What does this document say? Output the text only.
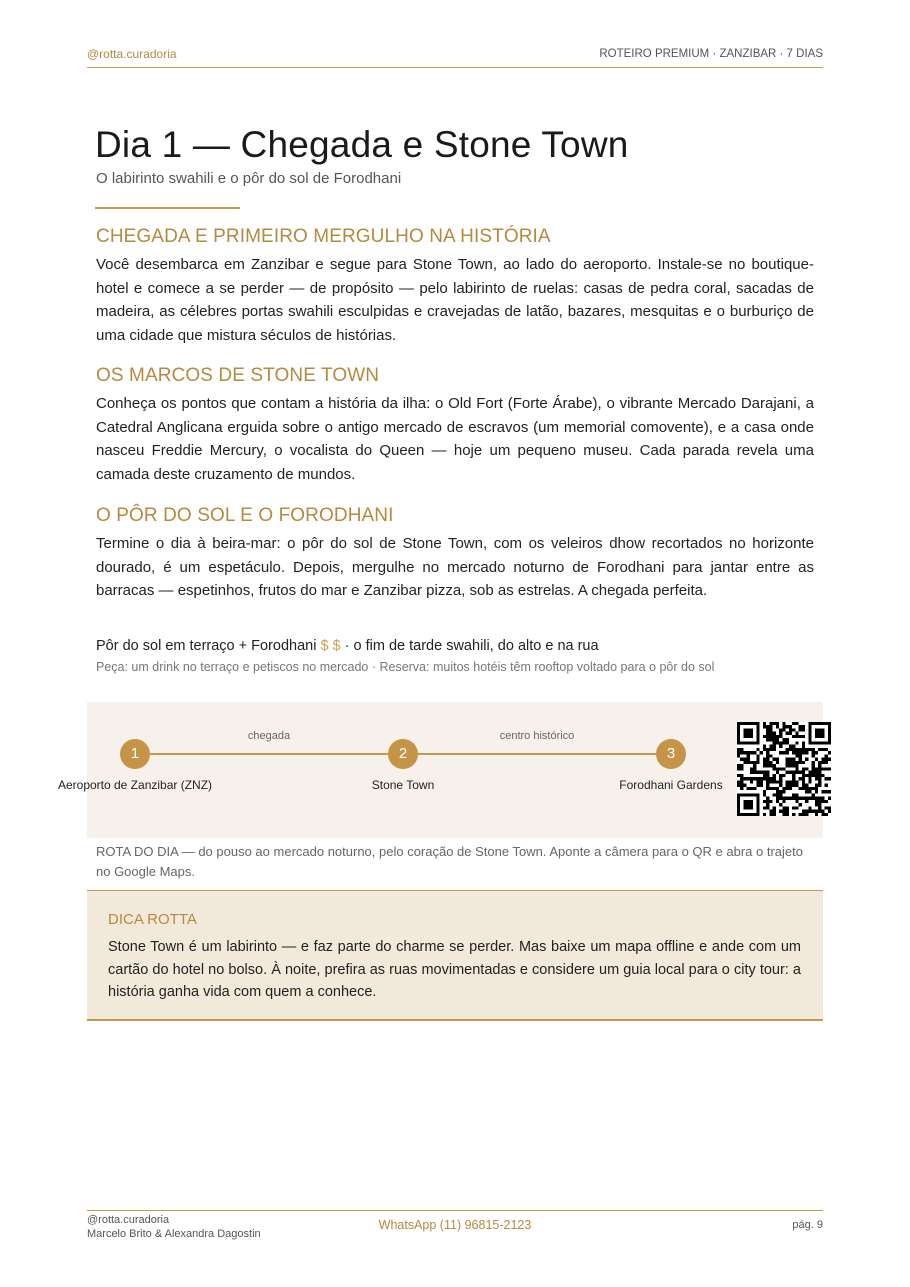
@rotta.curadoria	ROTEIRO PREMIUM · ZANZIBAR · 7 DIAS
Dia 1 — Chegada e Stone Town
O labirinto swahili e o pôr do sol de Forodhani
CHEGADA E PRIMEIRO MERGULHO NA HISTÓRIA

Você desembarca em Zanzibar e segue para Stone Town, ao lado do aeroporto. Instale-se no boutique-hotel e comece a se perder — de propósito — pelo labirinto de ruelas: casas de pedra coral, sacadas de madeira, as célebres portas swahili esculpidas e cravejadas de latão, bazares, mesquitas e o burburiço de uma cidade que mistura séculos de histórias.

OS MARCOS DE STONE TOWN

Conheça os pontos que contam a história da ilha: o Old Fort (Forte Árabe), o vibrante Mercado Darajani, a Catedral Anglicana erguida sobre o antigo mercado de escravos (um memorial comovente), e a casa onde nasceu Freddie Mercury, o vocalista do Queen — hoje um pequeno museu. Cada parada revela uma camada deste cruzamento de mundos.

O PÔR DO SOL E O FORODHANI

Termine o dia à beira-mar: o pôr do sol de Stone Town, com os veleiros dhow recortados no horizonte dourado, é um espetáculo. Depois, mergulhe no mercado noturno de Forodhani para jantar entre as barracas — espetinhos, frutos do mar e Zanzibar pizza, sob as estrelas. A chegada perfeita.

Pôr do sol em terraço + Forodhani $ $ · o fim de tarde swahili, do alto e na rua
Peça: um drink no terraço e petiscos no mercado · Reserva: muitos hotéis têm rooftop voltado para o pôr do sol
chegada	centro histórico
1	2	3
Aeroporto de Zanzibar (ZNZ)	Stone Town	Forodhani Gardens
ROTA DO DIA — do pouso ao mercado noturno, pelo coração de Stone Town. Aponte a câmera para o QR e abra o trajeto no Google Maps.
DICA ROTTA
Stone Town é um labirinto — e faz parte do charme se perder. Mas baixe um mapa offline e ande com um cartão do hotel no bolso. À noite, prefira as ruas movimentadas e considere um guia local para o city tour: a história ganha vida com quem a conhece.
@rotta.curadoria
Marcelo Brito & Alexandra Dagostin
WhatsApp (11) 96815-2123	pág. 9
